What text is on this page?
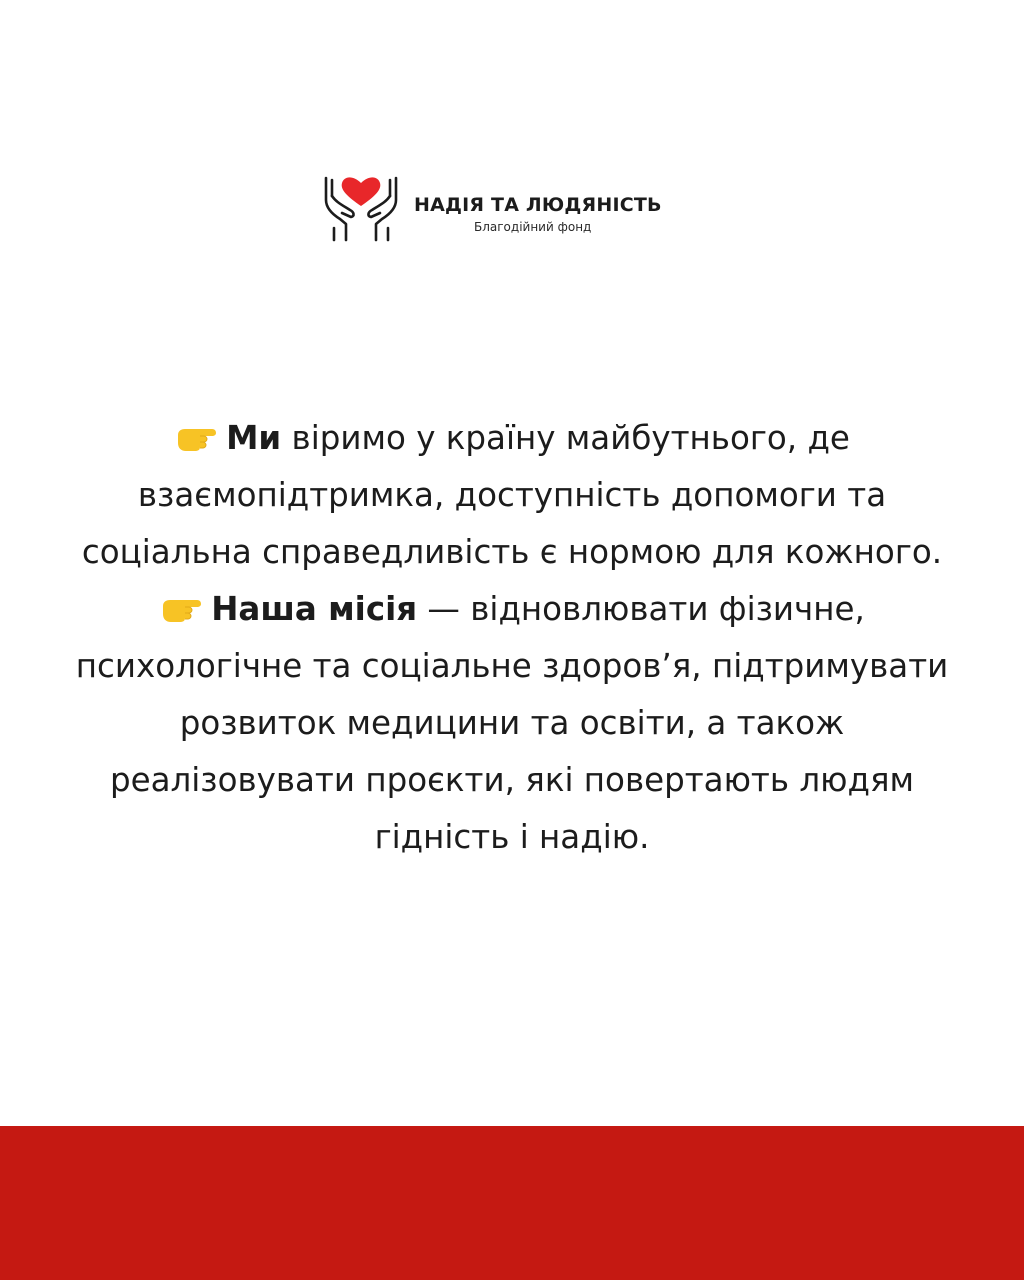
НАДІЯ ТА ЛЮДЯНІСТЬ
Благодійний фонд

Ми віримо у країну майбутнього, де взаємопідтримка, доступність допомоги та соціальна справедливість є нормою для кожного.

Наша місія — відновлювати фізичне, психологічне та соціальне здоров’я, підтримувати розвиток медицини та освіти, а також реалізовувати проєкти, які повертають людям гідність і надію.
